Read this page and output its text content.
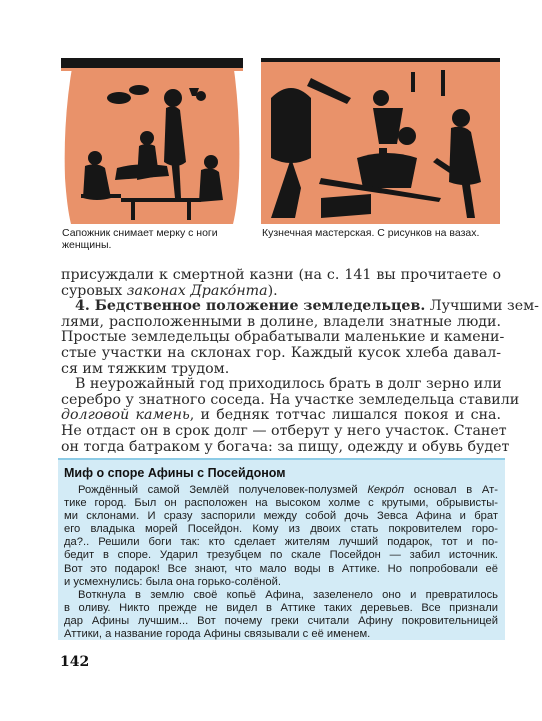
Сапожник снимает мерку с ноги женщины.
Кузнечная мастерская. С рисунков на вазах.
присуждали к смертной казни (на с. 141 вы прочитаете о
суровых законах Драко́нта).
4. Бедственное положение земледельцев. Лучшими зем-
лями, расположенными в долине, владели знатные люди.
Простые земледельцы обрабатывали маленькие и камени-
стые участки на склонах гор. Каждый кусок хлеба давал-
ся им тяжким трудом.
В неурожайный год приходилось брать в долг зерно или
серебро у знатного соседа. На участке земледельца ставили
долговой камень, и бедняк тотчас лишался покоя и сна.
Не отдаст он в срок долг — отберут у него участок. Станет
он тогда батраком у богача: за пищу, одежду и обувь будет
Миф о споре Афины с Посейдоном
Рождённый самой Землёй получеловек-полузмей Кекро́п основал в Ат-
тике город. Был он расположен на высоком холме с крутыми, обрывисты-
ми склонами. И сразу заспорили между собой дочь Зевса Афина и брат
его владыка морей Посейдон. Кому из двоих стать покровителем горо-
да?.. Решили боги так: кто сделает жителям лучший подарок, тот и по-
бедит в споре. Ударил трезубцем по скале Посейдон — забил источник.
Вот это подарок! Все знают, что мало воды в Аттике. Но попробовали её
и усмехнулись: была она горько-солёной.
Воткнула в землю своё копьё Афина, зазеленело оно и превратилось
в оливу. Никто прежде не видел в Аттике таких деревьев. Все признали
дар Афины лучшим... Вот почему греки считали Афину покровительницей
Аттики, а название города Афины связывали с её именем.
142
